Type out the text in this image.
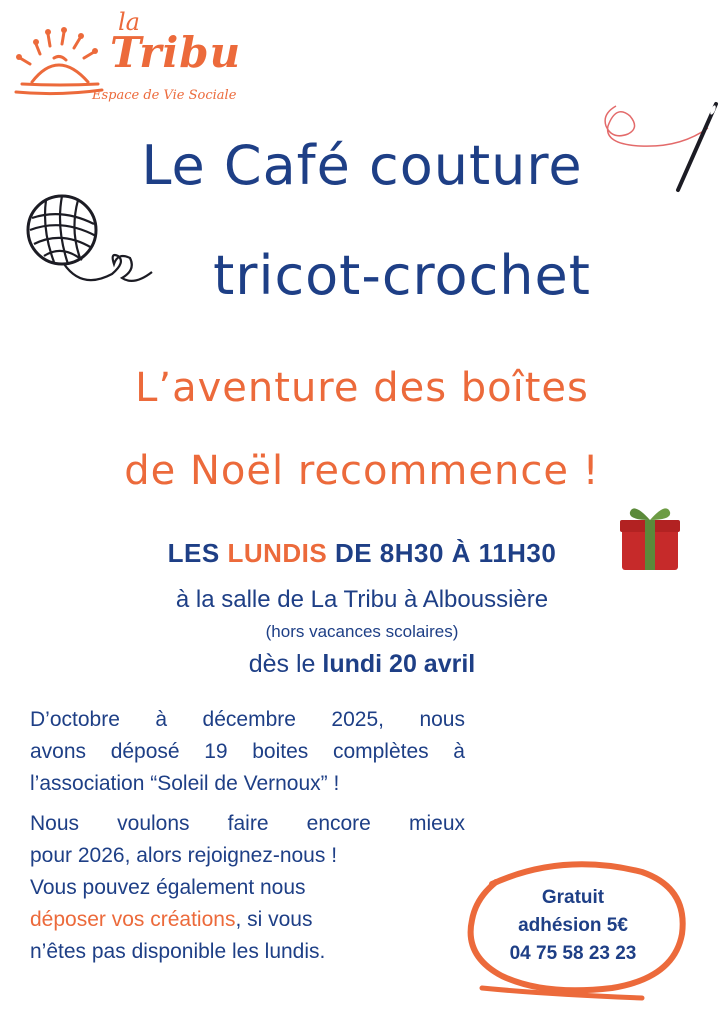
la
Tribu
Espace de Vie Sociale
Le Café couture
tricot-crochet
L’aventure des boîtes
de Noël recommence !
LES LUNDIS DE 8H30 À 11H30
à la salle de La Tribu à Alboussière
(hors vacances scolaires)
dès le lundi 20 avril
D’octobre à décembre 2025, nous
avons déposé 19 boites complètes à
l’association “Soleil de Vernoux” !
Nous voulons faire encore mieux
pour 2026, alors rejoignez-nous !
Vous pouvez également nous
déposer vos créations, si vous
n’êtes pas disponible les lundis.
Gratuit
adhésion 5€
04 75 58 23 23
